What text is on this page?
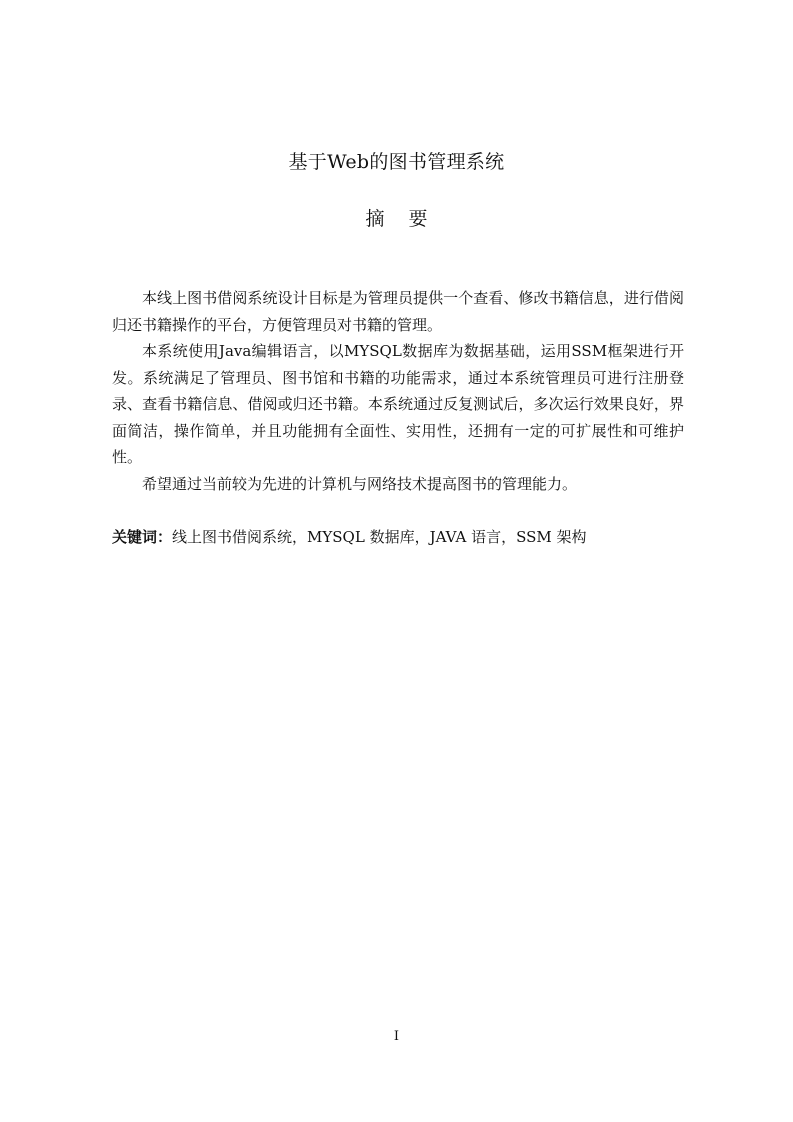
基于Web的图书管理系统
摘 要

本线上图书借阅系统设计目标是为管理员提供一个查看、修改书籍信息，进行借阅归还书籍操作的平台，方便管理员对书籍的管理。

本系统使用Java编辑语言，以MYSQL数据库为数据基础，运用SSM框架进行开发。系统满足了管理员、图书馆和书籍的功能需求，通过本系统管理员可进行注册登录、查看书籍信息、借阅或归还书籍。本系统通过反复测试后，多次运行效果良好，界面简洁，操作简单，并且功能拥有全面性、实用性，还拥有一定的可扩展性和可维护性。

希望通过当前较为先进的计算机与网络技术提高图书的管理能力。

关键词：线上图书借阅系统，MYSQL 数据库，JAVA 语言，SSM 架构
I
